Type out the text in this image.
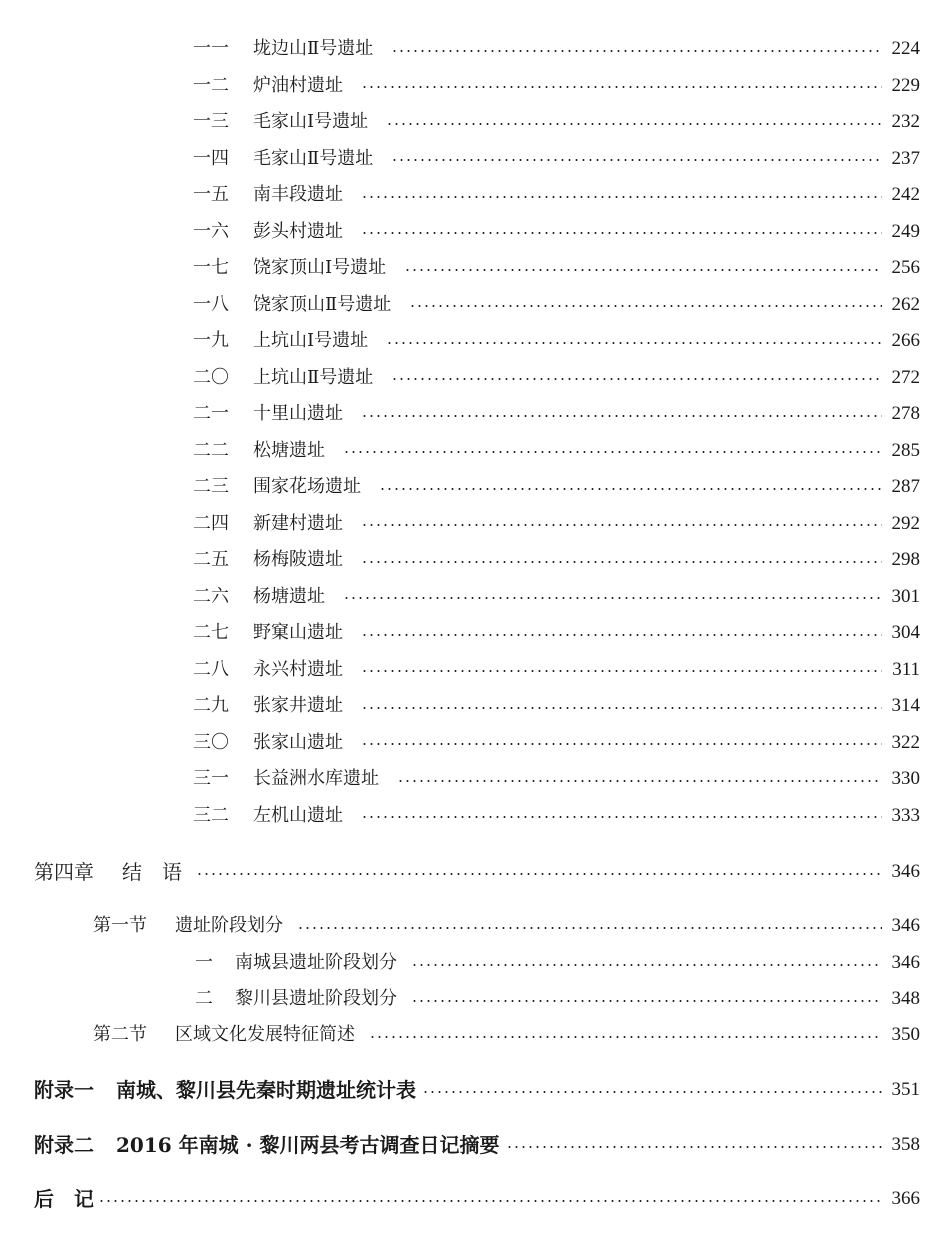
一一	垅边山Ⅱ号遗址	224
一二	炉油村遗址	229
一三	毛家山Ⅰ号遗址	232
一四	毛家山Ⅱ号遗址	237
一五	南丰段遗址	242
一六	彭头村遗址	249
一七	饶家顶山Ⅰ号遗址	256
一八	饶家顶山Ⅱ号遗址	262
一九	上坑山Ⅰ号遗址	266
二〇	上坑山Ⅱ号遗址	272
二一	十里山遗址	278
二二	松塘遗址	285
二三	围家花场遗址	287
二四	新建村遗址	292
二五	杨梅陂遗址	298
二六	杨塘遗址	301
二七	野窠山遗址	304
二八	永兴村遗址	311
二九	张家井遗址	314
三〇	张家山遗址	322
三一	长益洲水库遗址	330
三二	左机山遗址	333
第四章	结　语	346
第一节	遗址阶段划分	346
一	南城县遗址阶段划分	346
二	黎川县遗址阶段划分	348
第二节	区域文化发展特征简述	350
附录一	南城、黎川县先秦时期遗址统计表	351
附录二	2016 年南城 · 黎川两县考古调查日记摘要	358
后　记	366
